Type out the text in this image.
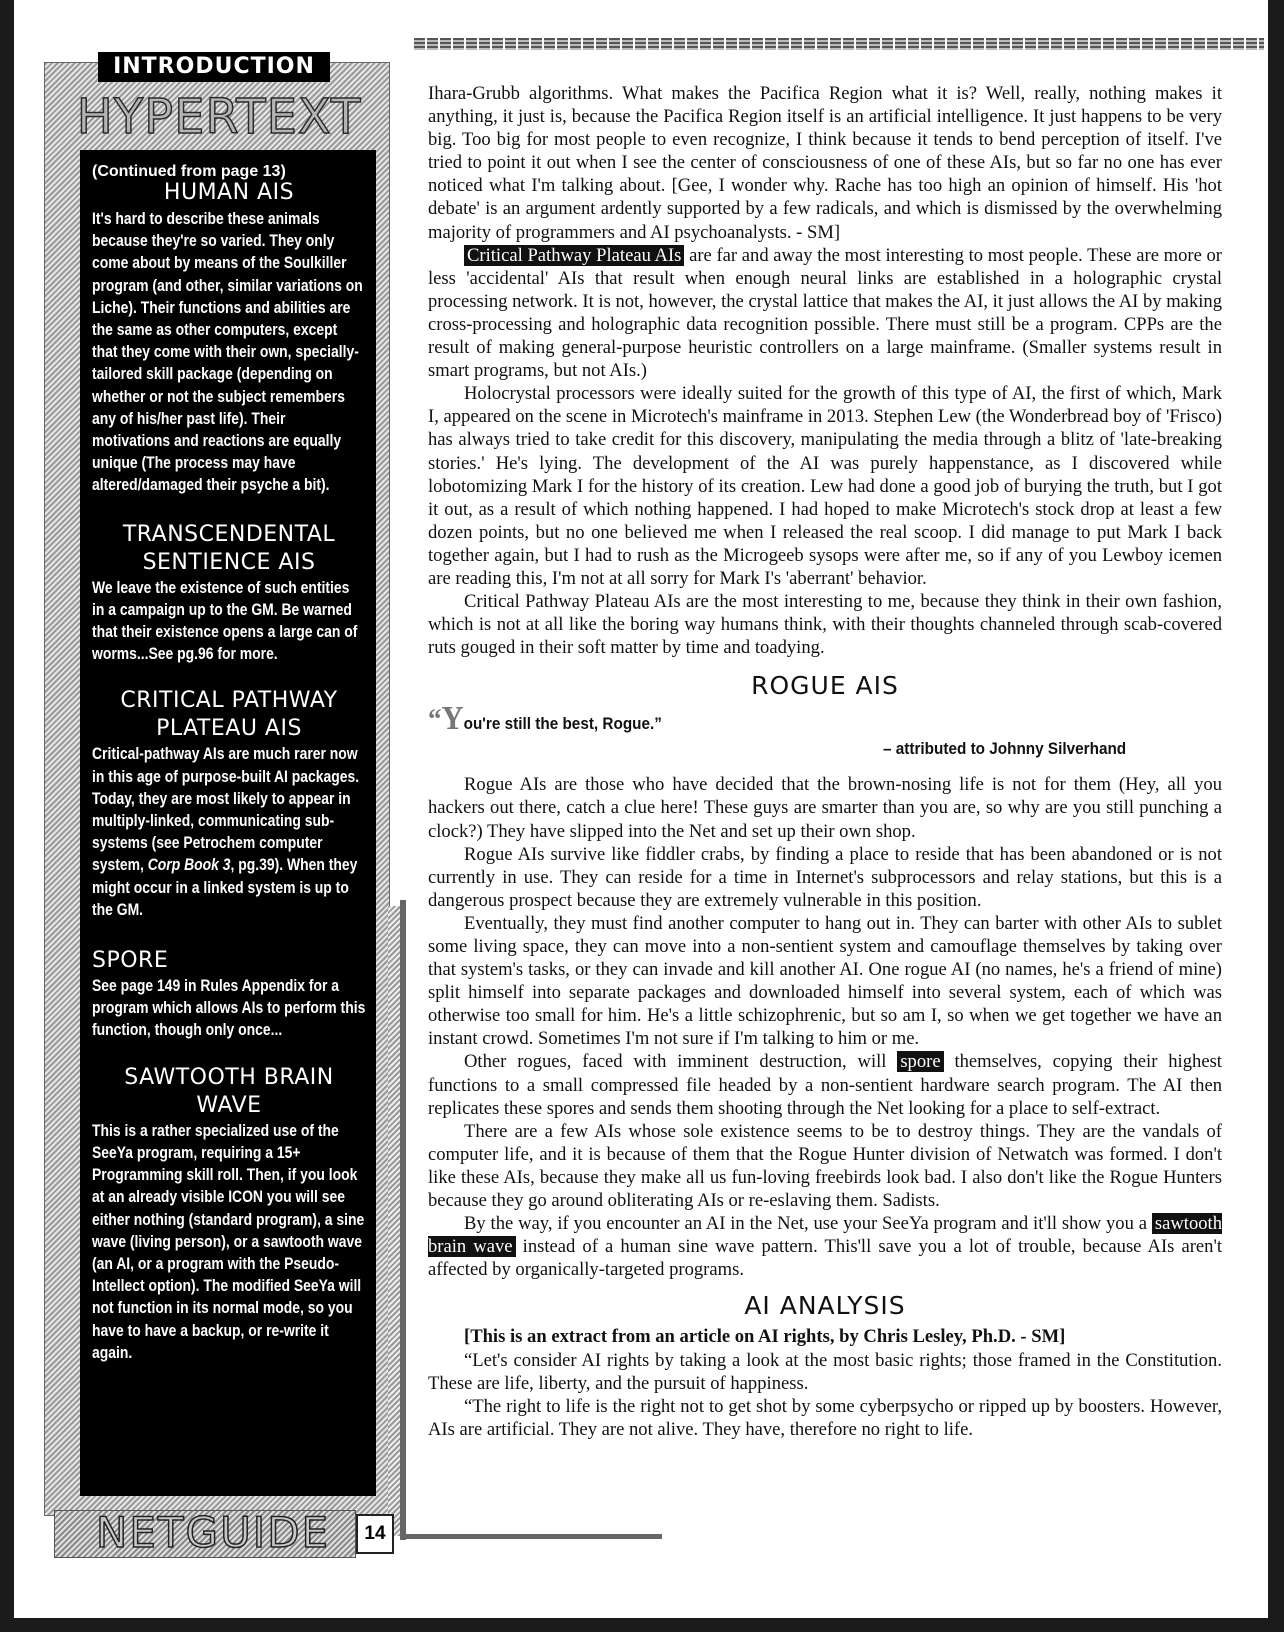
INTRODUCTION
HYPERTEXT
(Continued from page 13)
HUMAN AIS

It's hard to describe these animals because they're so varied. They only come about by means of the Soulkiller program (and other, similar variations on Liche). Their functions and abilities are the same as other computers, except that they come with their own, specially-tailored skill package (depending on whether or not the subject remembers any of his/her past life). Their motivations and reactions are equally unique (The process may have altered/damaged their psyche a bit).

TRANSCENDENTAL SENTIENCE AIS

We leave the existence of such entities in a campaign up to the GM. Be warned that their existence opens a large can of worms...See pg.96 for more.

CRITICAL PATHWAY PLATEAU AIS

Critical-pathway AIs are much rarer now in this age of purpose-built AI packages. Today, they are most likely to appear in multiply-linked, communicating sub-systems (see Petrochem computer system, Corp Book 3, pg.39). When they might occur in a linked system is up to the GM.

SPORE

See page 149 in Rules Appendix for a program which allows AIs to perform this function, though only once...

SAWTOOTH BRAIN WAVE

This is a rather specialized use of the SeeYa program, requiring a 15+ Programming skill roll. Then, if you look at an already visible ICON you will see either nothing (standard program), a sine wave (living person), or a sawtooth wave (an AI, or a program with the Pseudo-Intellect option). The modified SeeYa will not function in its normal mode, so you have to have a backup, or re-write it again.

NETGUIDE	14

Ihara-Grubb algorithms. What makes the Pacifica Region what it is? Well, really, nothing makes it anything, it just is, because the Pacifica Region itself is an artificial intelligence. It just happens to be very big. Too big for most people to even recognize, I think because it tends to bend perception of itself. I've tried to point it out when I see the center of consciousness of one of these AIs, but so far no one has ever noticed what I'm talking about. [Gee, I wonder why. Rache has too high an opinion of himself. His 'hot debate' is an argument ardently supported by a few radicals, and which is dismissed by the overwhelming majority of programmers and AI psychoanalysts. - SM]

Critical Pathway Plateau AIs are far and away the most interesting to most people. These are more or less 'accidental' AIs that result when enough neural links are established in a holographic crystal processing network. It is not, however, the crystal lattice that makes the AI, it just allows the AI by making cross-processing and holographic data recognition possible. There must still be a program. CPPs are the result of making general-purpose heuristic controllers on a large mainframe. (Smaller systems result in smart programs, but not AIs.)

Holocrystal processors were ideally suited for the growth of this type of AI, the first of which, Mark I, appeared on the scene in Microtech's mainframe in 2013. Stephen Lew (the Wonderbread boy of 'Frisco) has always tried to take credit for this discovery, manipulating the media through a blitz of 'late-breaking stories.' He's lying. The development of the AI was purely happenstance, as I discovered while lobotomizing Mark I for the history of its creation. Lew had done a good job of burying the truth, but I got it out, as a result of which nothing happened. I had hoped to make Microtech's stock drop at least a few dozen points, but no one believed me when I released the real scoop. I did manage to put Mark I back together again, but I had to rush as the Microgeeb sysops were after me, so if any of you Lewboy icemen are reading this, I'm not at all sorry for Mark I's 'aberrant' behavior.

Critical Pathway Plateau AIs are the most interesting to me, because they think in their own fashion, which is not at all like the boring way humans think, with their thoughts channeled through scab-covered ruts gouged in their soft matter by time and toadying.

ROGUE AIS
“You're still the best, Rogue.”
– attributed to Johnny Silverhand

Rogue AIs are those who have decided that the brown-nosing life is not for them (Hey, all you hackers out there, catch a clue here! These guys are smarter than you are, so why are you still punching a clock?) They have slipped into the Net and set up their own shop.

Rogue AIs survive like fiddler crabs, by finding a place to reside that has been abandoned or is not currently in use. They can reside for a time in Internet's subprocessors and relay stations, but this is a dangerous prospect because they are extremely vulnerable in this position.

Eventually, they must find another computer to hang out in. They can barter with other AIs to sublet some living space, they can move into a non-sentient system and camouflage themselves by taking over that system's tasks, or they can invade and kill another AI. One rogue AI (no names, he's a friend of mine) split himself into separate packages and downloaded himself into several system, each of which was otherwise too small for him. He's a little schizophrenic, but so am I, so when we get together we have an instant crowd. Sometimes I'm not sure if I'm talking to him or me.

Other rogues, faced with imminent destruction, will spore themselves, copying their highest functions to a small compressed file headed by a non-sentient hardware search program. The AI then replicates these spores and sends them shooting through the Net looking for a place to self-extract.

There are a few AIs whose sole existence seems to be to destroy things. They are the vandals of computer life, and it is because of them that the Rogue Hunter division of Netwatch was formed. I don't like these AIs, because they make all us fun-loving freebirds look bad. I also don't like the Rogue Hunters because they go around obliterating AIs or re-eslaving them. Sadists.

By the way, if you encounter an AI in the Net, use your SeeYa program and it'll show you a sawtooth brain wave instead of a human sine wave pattern. This'll save you a lot of trouble, because AIs aren't affected by organically-targeted programs.

AI ANALYSIS

[This is an extract from an article on AI rights, by Chris Lesley, Ph.D. - SM]

“Let's consider AI rights by taking a look at the most basic rights; those framed in the Constitution. These are life, liberty, and the pursuit of happiness.

“The right to life is the right not to get shot by some cyberpsycho or ripped up by boosters. However, AIs are artificial. They are not alive. They have, therefore no right to life.
